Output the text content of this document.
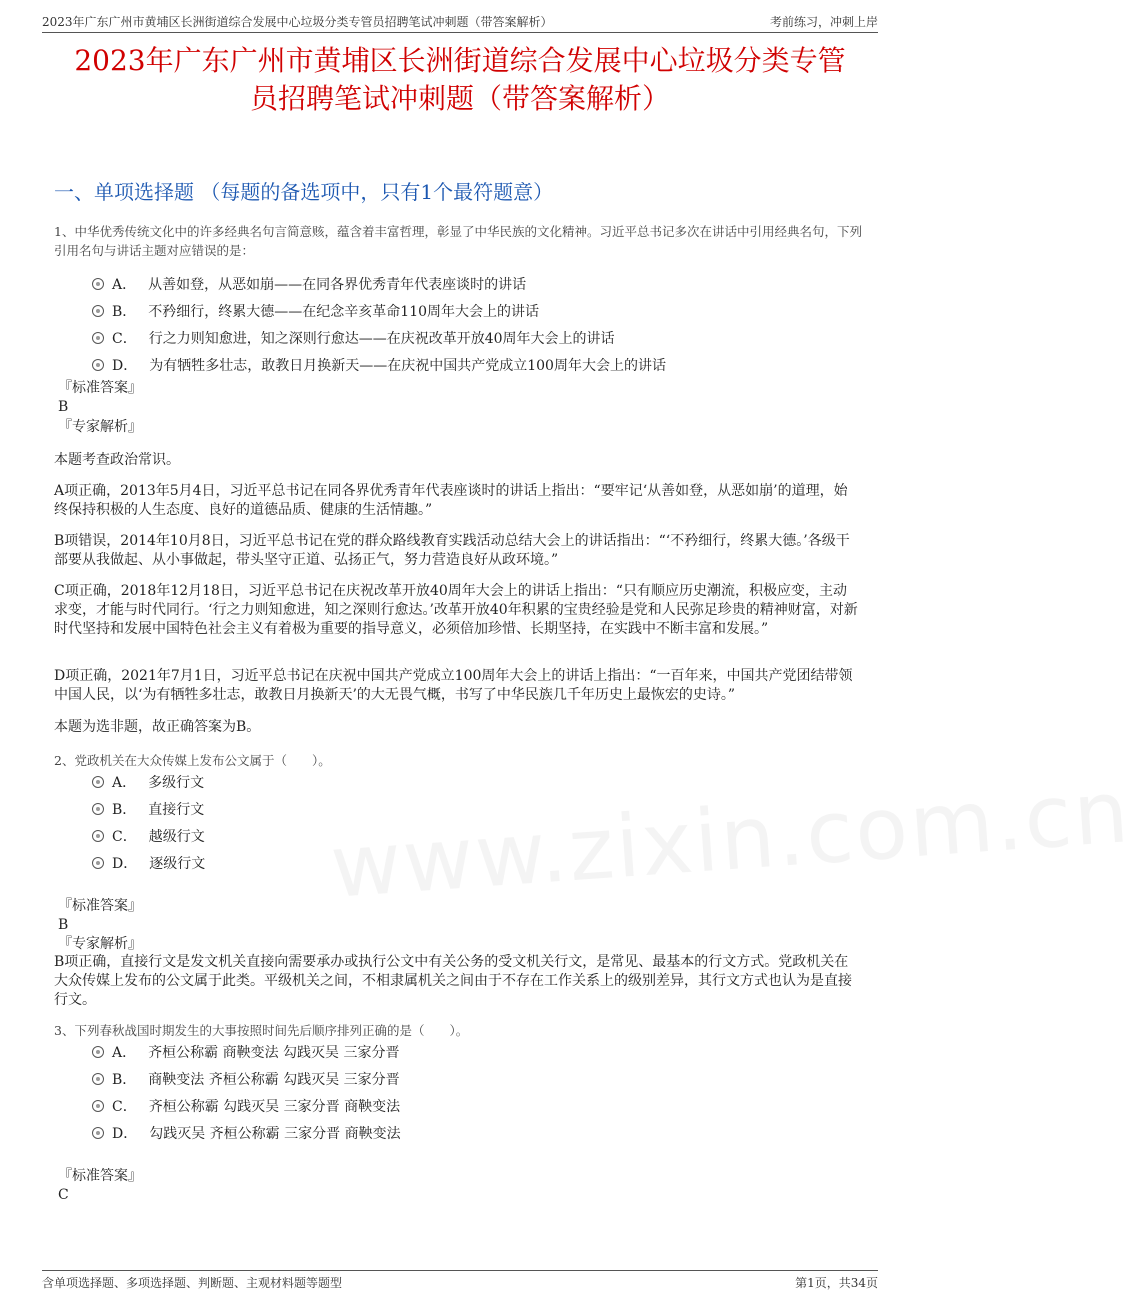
2023年广东广州市黄埔区长洲街道综合发展中心垃圾分类专管员招聘笔试冲刺题（带答案解析）	考前练习，冲刺上岸
2023年广东广州市黄埔区长洲街道综合发展中心垃圾分类专管
员招聘笔试冲刺题（带答案解析）
一、单项选择题 （每题的备选项中，只有1个最符题意）
1、中华优秀传统文化中的许多经典名句言简意赅，蕴含着丰富哲理，彰显了中华民族的文化精神。习近平总书记多次在讲话中引用经典名句，下列引用名句与讲话主题对应错误的是：
A． 从善如登，从恶如崩——在同各界优秀青年代表座谈时的讲话
B． 不矜细行，终累大德——在纪念辛亥革命110周年大会上的讲话
C． 行之力则知愈进，知之深则行愈达——在庆祝改革开放40周年大会上的讲话
D． 为有牺牲多壮志，敢教日月换新天——在庆祝中国共产党成立100周年大会上的讲话
『标准答案』
B
『专家解析』
本题考查政治常识。
A项正确，2013年5月4日，习近平总书记在同各界优秀青年代表座谈时的讲话上指出：“要牢记‘从善如登，从恶如崩’的道理，始终保持积极的人生态度、良好的道德品质、健康的生活情趣。”
B项错误，2014年10月8日，习近平总书记在党的群众路线教育实践活动总结大会上的讲话指出：“‘不矜细行，终累大德。’各级干部要从我做起、从小事做起，带头坚守正道、弘扬正气，努力营造良好从政环境。”
C项正确，2018年12月18日，习近平总书记在庆祝改革开放40周年大会上的讲话上指出：“只有顺应历史潮流，积极应变，主动求变，才能与时代同行。‘行之力则知愈进，知之深则行愈达。’改革开放40年积累的宝贵经验是党和人民弥足珍贵的精神财富，对新时代坚持和发展中国特色社会主义有着极为重要的指导意义，必须倍加珍惜、长期坚持，在实践中不断丰富和发展。”
D项正确，2021年7月1日，习近平总书记在庆祝中国共产党成立100周年大会上的讲话上指出：“一百年来，中国共产党团结带领中国人民，以‘为有牺牲多壮志，敢教日月换新天’的大无畏气概，书写了中华民族几千年历史上最恢宏的史诗。”
本题为选非题，故正确答案为B。
2、党政机关在大众传媒上发布公文属于（　　）。
A． 多级行文
B． 直接行文
C． 越级行文
D． 逐级行文
『标准答案』
B
『专家解析』
B项正确，直接行文是发文机关直接向需要承办或执行公文中有关公务的受文机关行文，是常见、最基本的行文方式。党政机关在大众传媒上发布的公文属于此类。平级机关之间，不相隶属机关之间由于不存在工作关系上的级别差异，其行文方式也认为是直接行文。
3、下列春秋战国时期发生的大事按照时间先后顺序排列正确的是（　　）。
A． 齐桓公称霸 商鞅变法 勾践灭吴 三家分晋
B． 商鞅变法 齐桓公称霸 勾践灭吴 三家分晋
C． 齐桓公称霸 勾践灭吴 三家分晋 商鞅变法
D． 勾践灭吴 齐桓公称霸 三家分晋 商鞅变法
『标准答案』
C
www.zixin.com.cn
含单项选择题、多项选择题、判断题、主观材料题等题型	第1页，共34页
